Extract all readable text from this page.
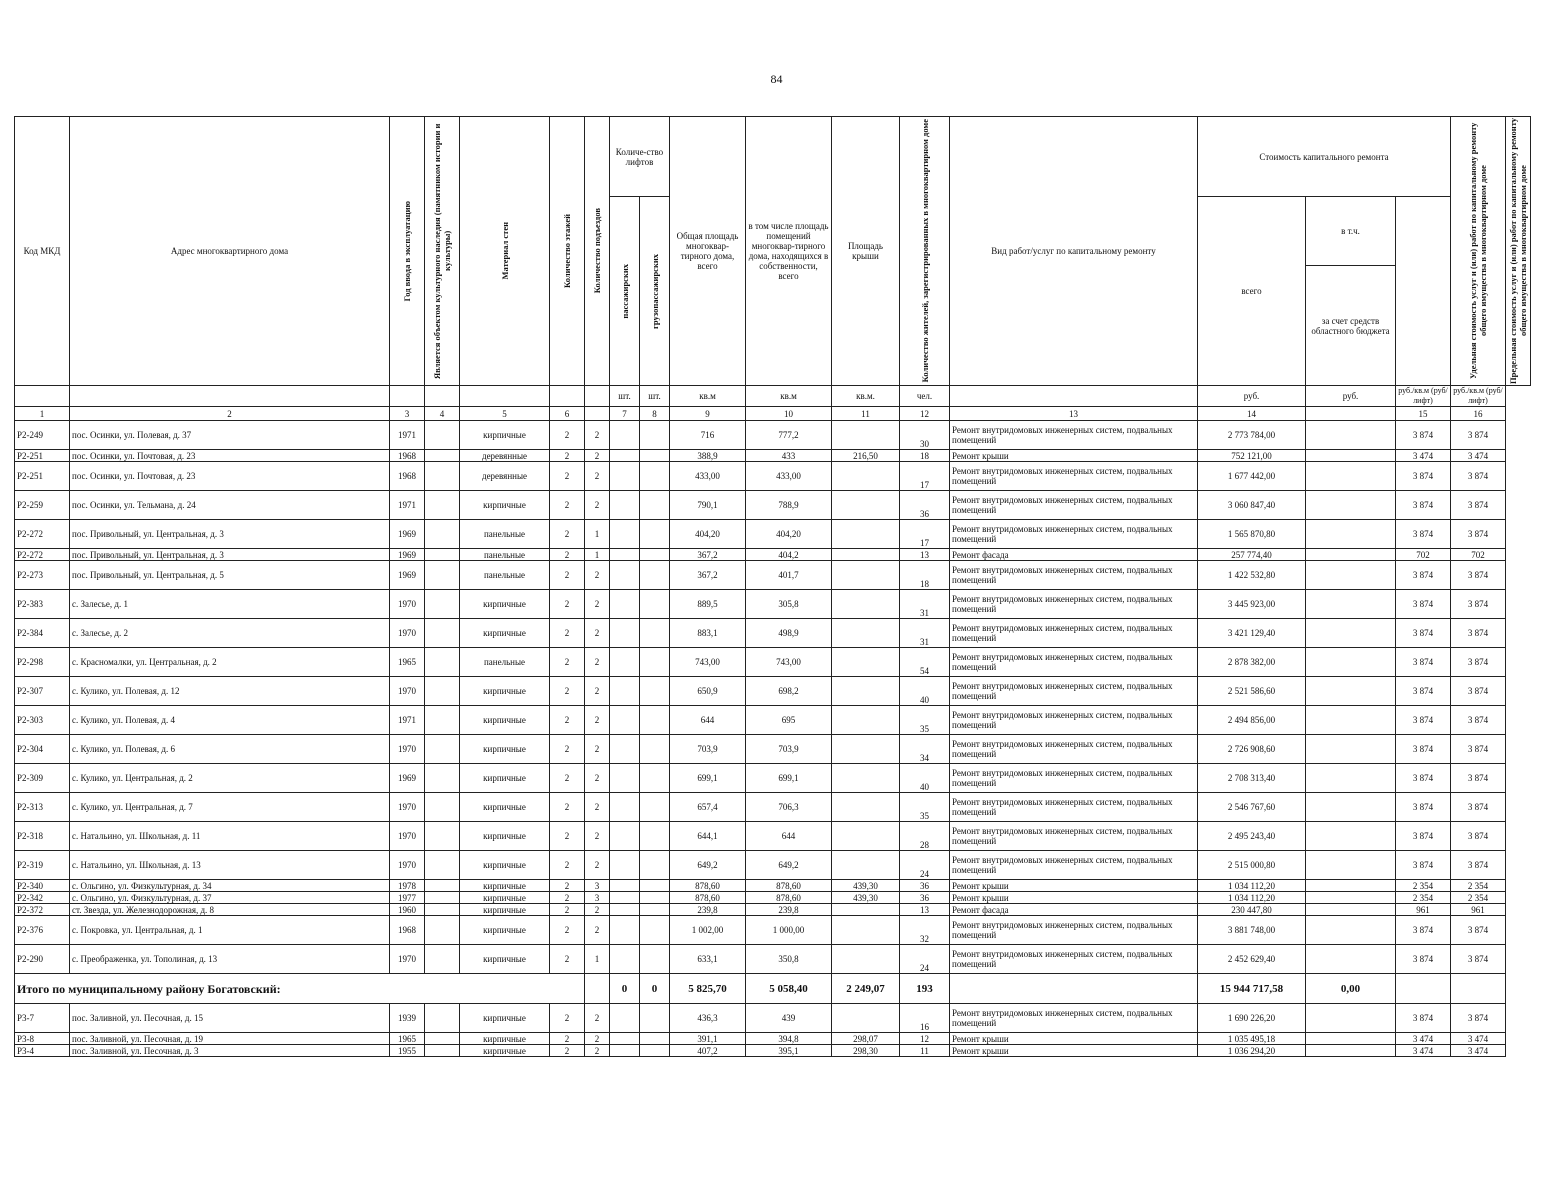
84
Код МКД	Адрес многоквартирного дома	Год ввода в эксплуатацию	Является объектом культурного наследия (памятником истории и культуры)	Материал стен	Количество этажей	Количество подъездов	Количе-ство лифтов		Общая площадь многоквар-тирного дома, всего	в том числе площадь помещений многоквар-тирного дома, находящихся в собственности, всего	Площадь крыши	Количество жителей, зарегистрированных в многоквартирном доме	Вид работ/услуг по капитальному ремонту	Стоимость капитального ремонта			Удельная стоимость услуг и (или) работ по капитальному ремонту общего имущества в многоквартирном доме	Предельная стоимость услуг и (или) работ по капитальному ремонту общего имущества в многоквартирном доме

							пассажирских	грузопассажирских						всего	в т.ч.			
															за счет средств областного бюджета			
							шт.	шт.	кв.м	кв.м	кв.м.	чел.		руб.	руб.	руб./кв.м (руб/лифт)	руб./кв.м (руб/лифт)	
1	2	3	4	5	6		7	8	9	10	11	12	13	14		15	16	
Р2-249	пос. Осинки, ул. Полевая, д. 37	1971		кирпичные	2	2			716	777,2		30	Ремонт внутридомовых инженерных систем, подвальных помещений	2 773 784,00		3 874	3 874	
Р2-251	пос. Осинки, ул. Почтовая, д. 23	1968		деревянные	2	2			388,9	433	216,50	18	Ремонт крыши	752 121,00		3 474	3 474	
Р2-251	пос. Осинки, ул. Почтовая, д. 23	1968		деревянные	2	2			433,00	433,00		17	Ремонт внутридомовых инженерных систем, подвальных помещений	1 677 442,00		3 874	3 874	
Р2-259	пос. Осинки, ул. Тельмана, д. 24	1971		кирпичные	2	2			790,1	788,9		36	Ремонт внутридомовых инженерных систем, подвальных помещений	3 060 847,40		3 874	3 874	
Р2-272	пос. Привольный, ул. Центральная, д. 3	1969		панельные	2	1			404,20	404,20		17	Ремонт внутридомовых инженерных систем, подвальных помещений	1 565 870,80		3 874	3 874	
Р2-272	пос. Привольный, ул. Центральная, д. 3	1969		панельные	2	1			367,2	404,2		13	Ремонт фасада	257 774,40		702	702	
Р2-273	пос. Привольный, ул. Центральная, д. 5	1969		панельные	2	2			367,2	401,7		18	Ремонт внутридомовых инженерных систем, подвальных помещений	1 422 532,80		3 874	3 874	
Р2-383	с. Залесье, д. 1	1970		кирпичные	2	2			889,5	305,8		31	Ремонт внутридомовых инженерных систем, подвальных помещений	3 445 923,00		3 874	3 874	
Р2-384	с. Залесье, д. 2	1970		кирпичные	2	2			883,1	498,9		31	Ремонт внутридомовых инженерных систем, подвальных помещений	3 421 129,40		3 874	3 874	
Р2-298	с. Красномалки, ул. Центральная, д. 2	1965		панельные	2	2			743,00	743,00		54	Ремонт внутридомовых инженерных систем, подвальных помещений	2 878 382,00		3 874	3 874	
Р2-307	с. Кулико, ул. Полевая, д. 12	1970		кирпичные	2	2			650,9	698,2		40	Ремонт внутридомовых инженерных систем, подвальных помещений	2 521 586,60		3 874	3 874	
Р2-303	с. Кулико, ул. Полевая, д. 4	1971		кирпичные	2	2			644	695		35	Ремонт внутридомовых инженерных систем, подвальных помещений	2 494 856,00		3 874	3 874	
Р2-304	с. Кулико, ул. Полевая, д. 6	1970		кирпичные	2	2			703,9	703,9		34	Ремонт внутридомовых инженерных систем, подвальных помещений	2 726 908,60		3 874	3 874	
Р2-309	с. Кулико, ул. Центральная, д. 2	1969		кирпичные	2	2			699,1	699,1		40	Ремонт внутридомовых инженерных систем, подвальных помещений	2 708 313,40		3 874	3 874	
Р2-313	с. Кулико, ул. Центральная, д. 7	1970		кирпичные	2	2			657,4	706,3		35	Ремонт внутридомовых инженерных систем, подвальных помещений	2 546 767,60		3 874	3 874	
Р2-318	с. Натальино, ул. Школьная, д. 11	1970		кирпичные	2	2			644,1	644		28	Ремонт внутридомовых инженерных систем, подвальных помещений	2 495 243,40		3 874	3 874	
Р2-319	с. Натальино, ул. Школьная, д. 13	1970		кирпичные	2	2			649,2	649,2		24	Ремонт внутридомовых инженерных систем, подвальных помещений	2 515 000,80		3 874	3 874	
Р2-340	с. Ольгино, ул. Физкультурная, д. 34	1978		кирпичные	2	3			878,60	878,60	439,30	36	Ремонт крыши	1 034 112,20		2 354	2 354	
Р2-342	с. Ольгино, ул. Физкультурная, д. 37	1977		кирпичные	2	3			878,60	878,60	439,30	36	Ремонт крыши	1 034 112,20		2 354	2 354	
Р2-372	ст. Звезда, ул. Железнодорожная, д. 8	1960		кирпичные	2	2			239,8	239,8		13	Ремонт фасада	230 447,80		961	961	
Р2-376	с. Покровка, ул. Центральная, д. 1	1968		кирпичные	2	2			1 002,00	1 000,00		32	Ремонт внутридомовых инженерных систем, подвальных помещений	3 881 748,00		3 874	3 874	
Р2-290	с. Преображенка, ул. Тополиная, д. 13	1970		кирпичные	2	1			633,1	350,8		24	Ремонт внутридомовых инженерных систем, подвальных помещений	2 452 629,40		3 874	3 874	
Итого по муниципальному району Богатовский:							0	0	5 825,70	5 058,40	2 249,07	193		15 944 717,58	0,00			
Р3-7	пос. Заливной, ул. Песочная, д. 15	1939		кирпичные	2	2			436,3	439		16	Ремонт внутридомовых инженерных систем, подвальных помещений	1 690 226,20		3 874	3 874	
Р3-8	пос. Заливной, ул. Песочная, д. 19	1965		кирпичные	2	2			391,1	394,8	298,07	12	Ремонт крыши	1 035 495,18		3 474	3 474	
Р3-4	пос. Заливной, ул. Песочная, д. 3	1955		кирпичные	2	2			407,2	395,1	298,30	11	Ремонт крыши	1 036 294,20		3 474	3 474	
